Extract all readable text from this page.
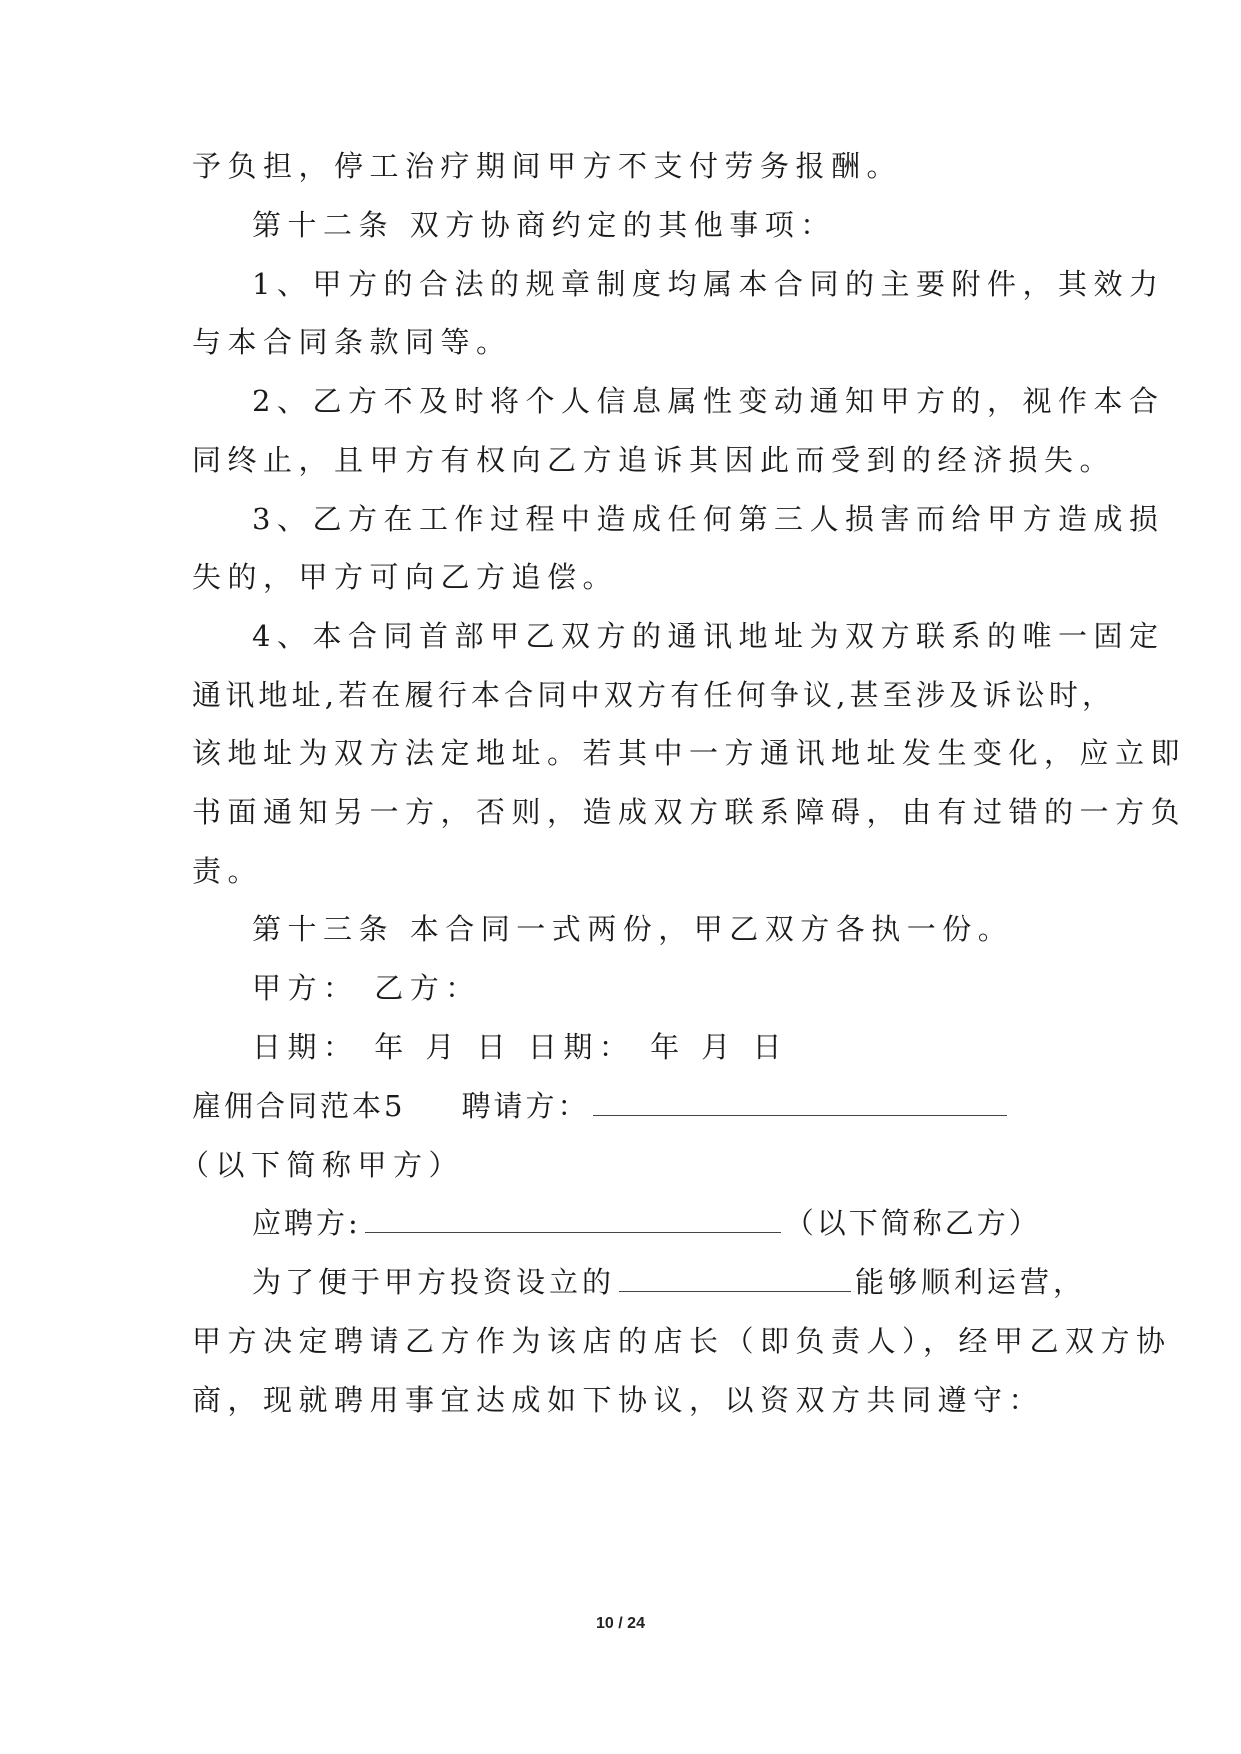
予负担，停工治疗期间甲方不支付劳务报酬。
第十二条 双方协商约定的其他事项：
1、甲方的合法的规章制度均属本合同的主要附件，其效力
与本合同条款同等。
2、乙方不及时将个人信息属性变动通知甲方的，视作本合
同终止，且甲方有权向乙方追诉其因此而受到的经济损失。
3、乙方在工作过程中造成任何第三人损害而给甲方造成损
失的，甲方可向乙方追偿。
4、本合同首部甲乙双方的通讯地址为双方联系的唯一固定
通讯地址,若在履行本合同中双方有任何争议,甚至涉及诉讼时，
该地址为双方法定地址。若其中一方通讯地址发生变化，应立即
书面通知另一方，否则，造成双方联系障碍，由有过错的一方负
责。
第十三条 本合同一式两份，甲乙双方各执一份。
甲方： 乙方：
日期： 年 月 日 日期： 年 月 日
雇佣合同范本5 聘请方：
（以下简称甲方）
应聘方:	（以下简称乙方）
为了便于甲方投资设立的	能够顺利运营，
甲方决定聘请乙方作为该店的店长（即负责人），经甲乙双方协
商，现就聘用事宜达成如下协议，以资双方共同遵守：
10 / 24
